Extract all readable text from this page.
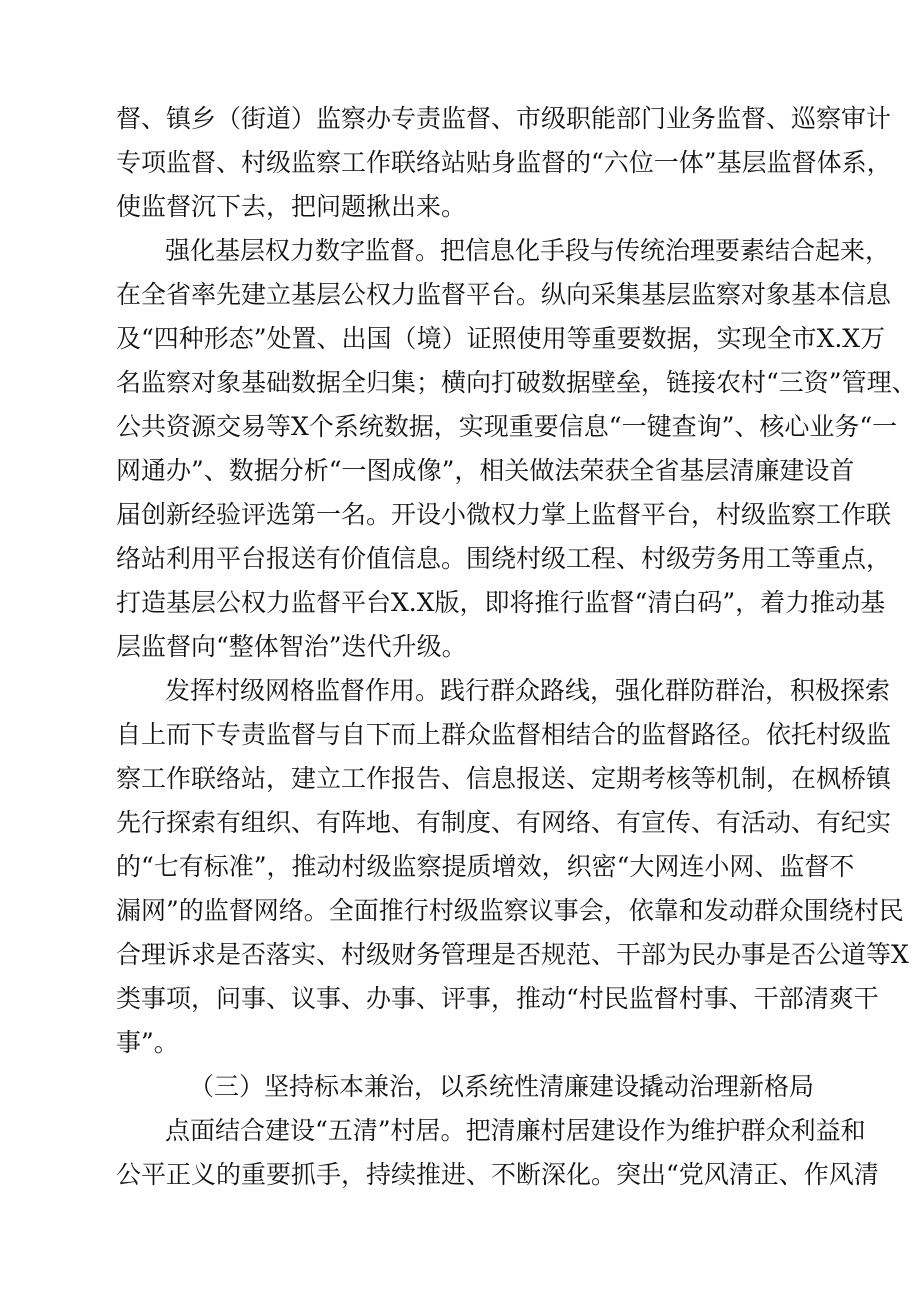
督、镇乡（街道）监察办专责监督、市级职能部门业务监督、巡察审计
专项监督、村级监察工作联络站贴身监督的“六位一体”基层监督体系，
使监督沉下去，把问题揪出来。
强化基层权力数字监督。把信息化手段与传统治理要素结合起来，
在全省率先建立基层公权力监督平台。纵向采集基层监察对象基本信息
及“四种形态”处置、出国（境）证照使用等重要数据，实现全市X.X万
名监察对象基础数据全归集；横向打破数据壁垒，链接农村“三资”管理、
公共资源交易等X个系统数据，实现重要信息“一键查询”、核心业务“一
网通办”、数据分析“一图成像”，相关做法荣获全省基层清廉建设首
届创新经验评选第一名。开设小微权力掌上监督平台，村级监察工作联
络站利用平台报送有价值信息。围绕村级工程、村级劳务用工等重点，
打造基层公权力监督平台X.X版，即将推行监督“清白码”，着力推动基
层监督向“整体智治”迭代升级。
发挥村级网格监督作用。践行群众路线，强化群防群治，积极探索
自上而下专责监督与自下而上群众监督相结合的监督路径。依托村级监
察工作联络站，建立工作报告、信息报送、定期考核等机制，在枫桥镇
先行探索有组织、有阵地、有制度、有网络、有宣传、有活动、有纪实
的“七有标准”，推动村级监察提质增效，织密“大网连小网、监督不
漏网”的监督网络。全面推行村级监察议事会，依靠和发动群众围绕村民
合理诉求是否落实、村级财务管理是否规范、干部为民办事是否公道等X
类事项，问事、议事、办事、评事，推动“村民监督村事、干部清爽干
事”。
（三）坚持标本兼治，以系统性清廉建设撬动治理新格局
点面结合建设“五清”村居。把清廉村居建设作为维护群众利益和
公平正义的重要抓手，持续推进、不断深化。突出“党风清正、作风清
